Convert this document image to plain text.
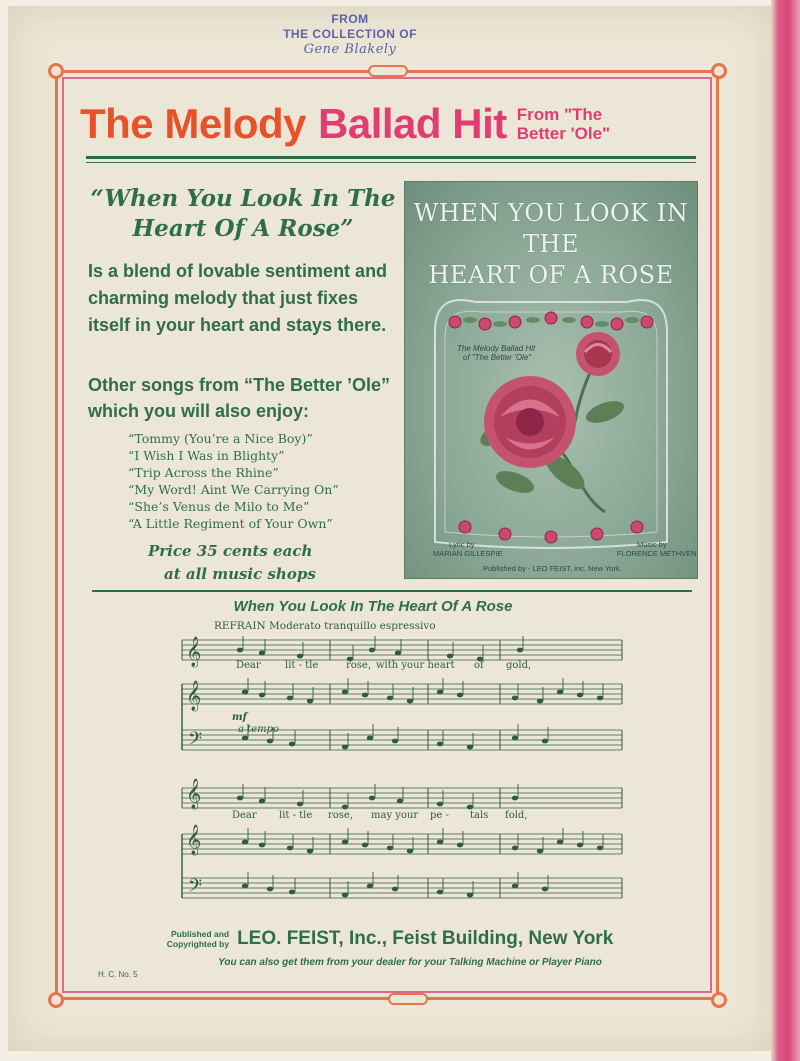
FROM
THE COLLECTION OF
Gene Blakely
The Melody Ballad Hit From "The
Better 'Ole"
“When You Look In The
Heart Of A Rose”
Is a blend of lovable sentiment and charming melody that just fixes itself in your heart and stays there.
Other songs from “The Better ’Ole” which you will also enjoy:
“Tommy (You’re a Nice Boy)”
“I Wish I Was in Blighty”
“Trip Across the Rhine”
“My Word! Aint We Carrying On”
“She’s Venus de Milo to Me”
“A Little Regiment of Your Own”
Price 35 cents each
at all music shops
WHEN YOU LOOK IN THE
HEART OF A ROSE
The Melody Ballad Hit
of "The Better 'Ole"
Lyric by
MARIAN GILLESPIE
Music by
FLORENCE METHVEN
Published by - LEO FEIST, inc. New York.
When You Look In The Heart Of A Rose
REFRAIN Moderato tranquillo espressivo
𝄞
𝄞
𝄞
𝄞
𝄢
𝄢
Dear lit - tle	rose, with your heart of gold,
Dear lit - tle rose, may your pe - tals fold,
mf
a tempo
Published and
Copyrighted by LEO. FEIST, Inc., Feist Building, New York
You can also get them from your dealer for your Talking Machine or Player Piano
H. C. No. 5
